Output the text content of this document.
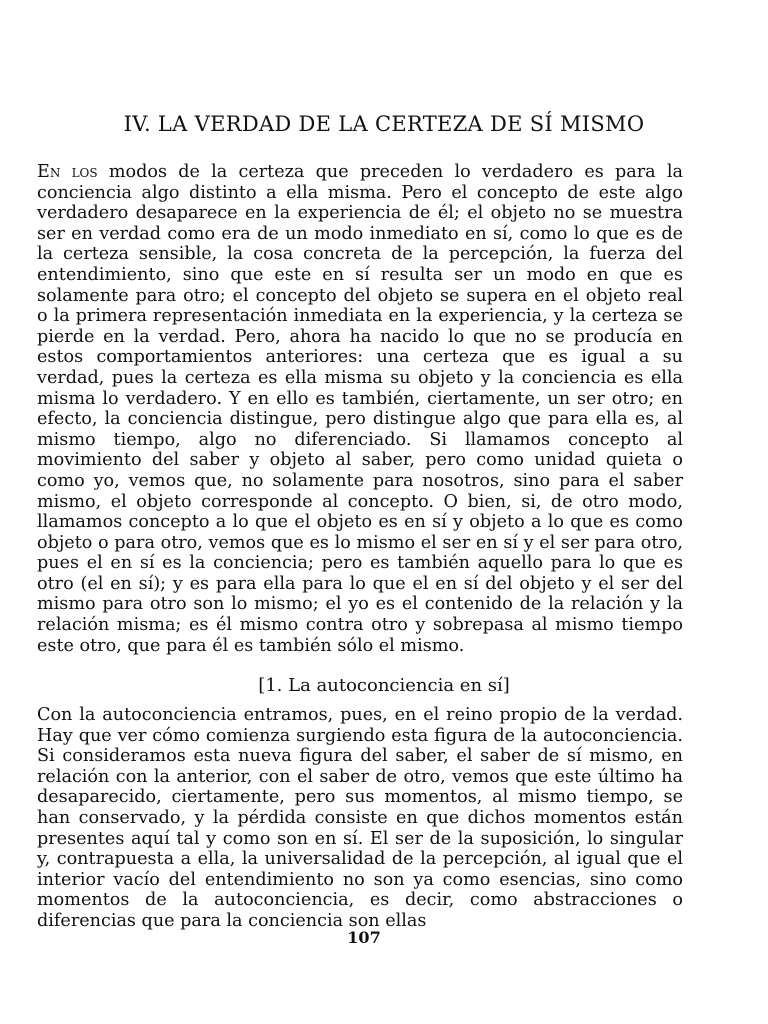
IV. LA VERDAD DE LA CERTEZA DE SÍ MISMO

En los modos de la certeza que preceden lo verdadero es para la conciencia algo distinto a ella misma. Pero el concepto de este algo verdadero desaparece en la experiencia de él; el objeto no se muestra ser en verdad como era de un modo inmediato en sí, como lo que es de la certeza sensible, la cosa concreta de la percepción, la fuerza del entendimiento, sino que este en sí resulta ser un modo en que es solamente para otro; el concepto del objeto se supera en el objeto real o la primera representación inmediata en la experiencia, y la certeza se pierde en la verdad. Pero, ahora ha nacido lo que no se producía en estos comportamientos anteriores: una certeza que es igual a su verdad, pues la certeza es ella misma su objeto y la conciencia es ella misma lo verdadero. Y en ello es también, ciertamente, un ser otro; en efecto, la conciencia distingue, pero distingue algo que para ella es, al mismo tiempo, algo no diferenciado. Si llamamos concepto al movimiento del saber y objeto al saber, pero como unidad quieta o como yo, vemos que, no solamente para nosotros, sino para el saber mismo, el objeto corresponde al concepto. O bien, si, de otro modo, llamamos concepto a lo que el objeto es en sí y objeto a lo que es como objeto o para otro, vemos que es lo mismo el ser en sí y el ser para otro, pues el en sí es la conciencia; pero es también aquello para lo que es otro (el en sí); y es para ella para lo que el en sí del objeto y el ser del mismo para otro son lo mismo; el yo es el contenido de la relación y la relación misma; es él mismo contra otro y sobrepasa al mismo tiempo este otro, que para él es también sólo el mismo.

[1. La autoconciencia en sí]

Con la autoconciencia entramos, pues, en el reino propio de la verdad. Hay que ver cómo comienza surgiendo esta figura de la autoconciencia. Si consideramos esta nueva figura del saber, el saber de sí mismo, en relación con la anterior, con el saber de otro, vemos que este último ha desaparecido, ciertamente, pero sus momentos, al mismo tiempo, se han conservado, y la pérdida consiste en que dichos momentos están presentes aquí tal y como son en sí. El ser de la suposición, lo singular y, contrapuesta a ella, la universalidad de la percepción, al igual que el interior vacío del entendimiento no son ya como esencias, sino como momentos de la autoconciencia, es decir, como abstracciones o diferencias que para la conciencia son ellas

107
